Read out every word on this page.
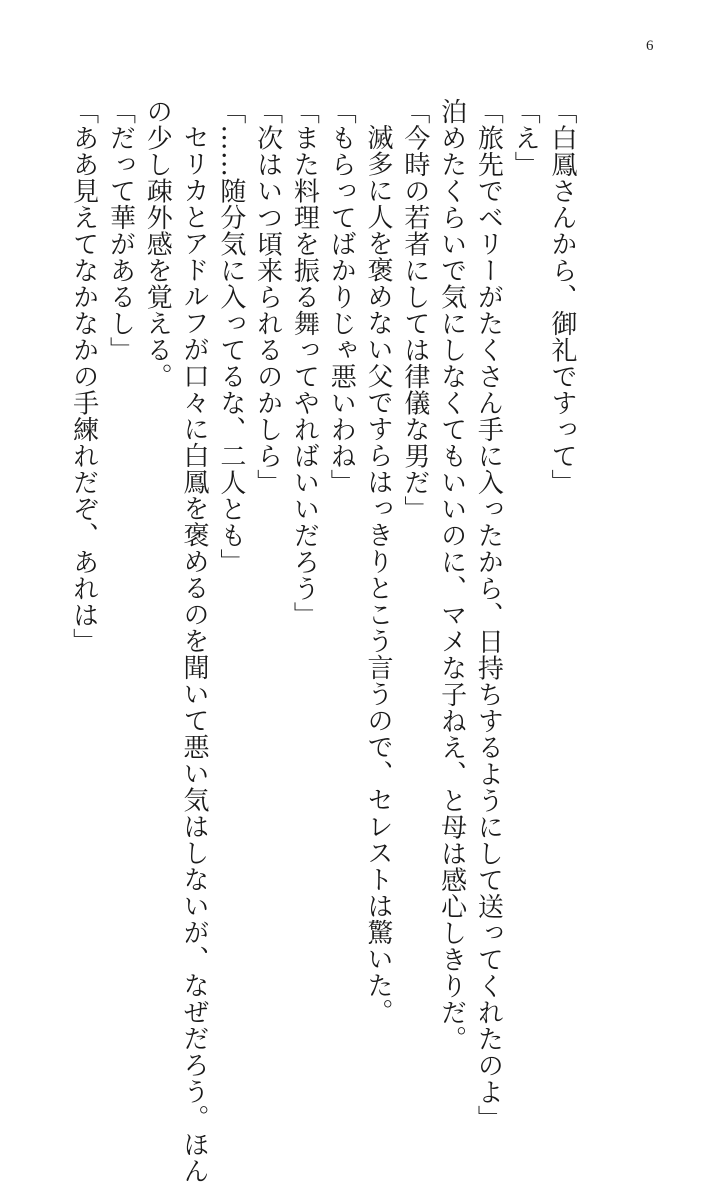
6

「白鳳さんから、御礼ですって」

「え」

「旅先でベリーがたくさん手に入ったから、日持ちするようにして送ってくれたのよ」

泊めたくらいで気にしなくてもいいのに、マメな子ねえ、と母は感心しきりだ。

「今時の若者にしては律儀な男だ」

滅多に人を褒めない父ですらはっきりとこう言うので、セレストは驚いた。

「もらってばかりじゃ悪いわね」

「また料理を振る舞ってやればいいだろう」

「次はいつ頃来られるのかしら」

「……随分気に入ってるな、二人とも」

セリカとアドルフが口々に白鳳を褒めるのを聞いて悪い気はしないが、なぜだろう。ほん

の少し疎外感を覚える。

「だって華があるし」

「ああ見えてなかなかの手練れだぞ、あれは」
